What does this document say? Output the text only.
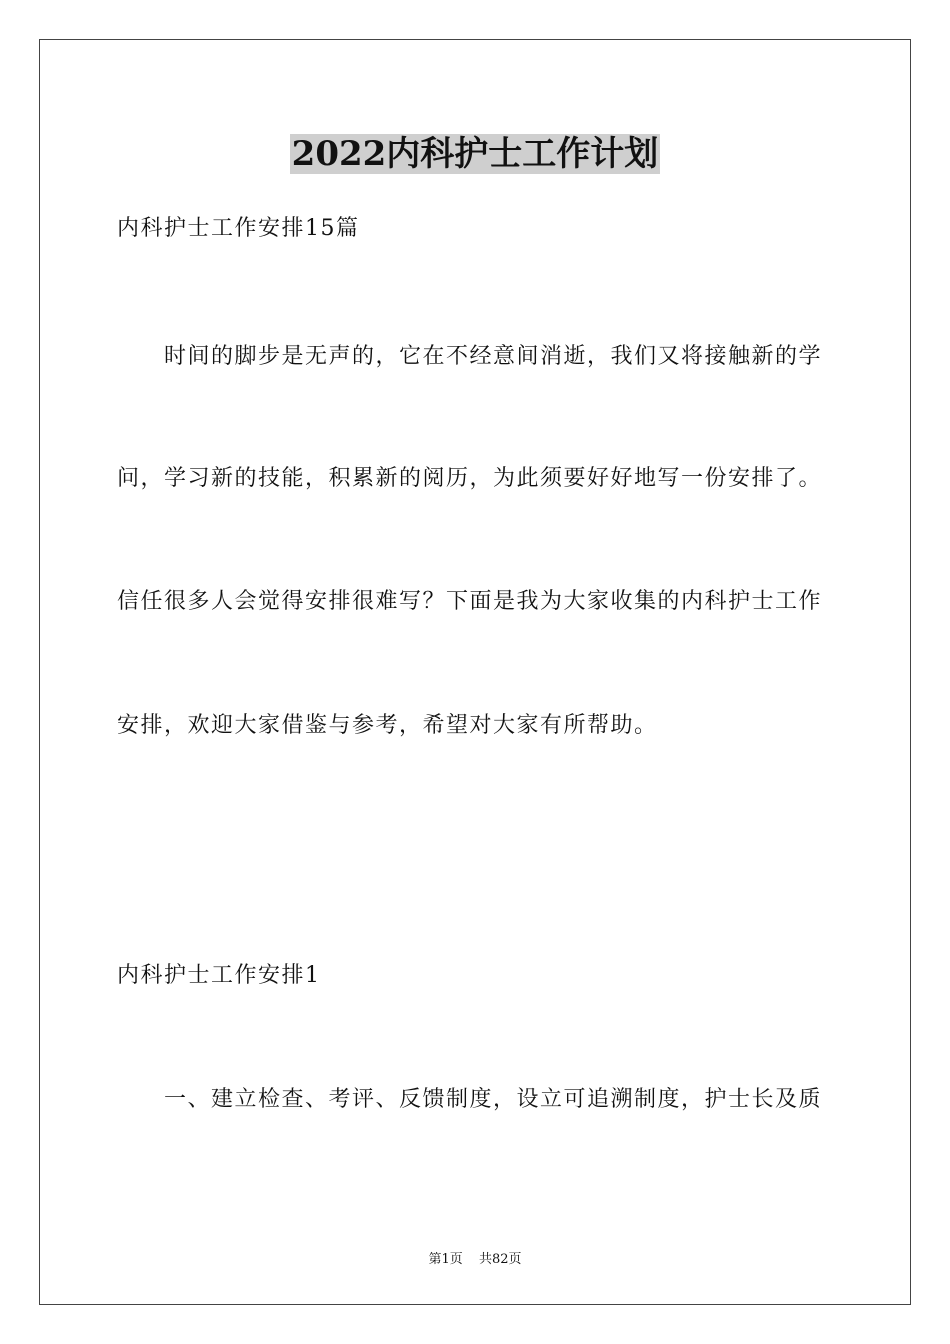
2022内科护士工作计划
内科护士工作安排15篇
时间的脚步是无声的，它在不经意间消逝，我们又将接触新的学
问，学习新的技能，积累新的阅历，为此须要好好地写一份安排了。
信任很多人会觉得安排很难写？下面是我为大家收集的内科护士工作
安排，欢迎大家借鉴与参考，希望对大家有所帮助。
内科护士工作安排1
一、建立检查、考评、反馈制度，设立可追溯制度，护士长及质
第1页 共82页
